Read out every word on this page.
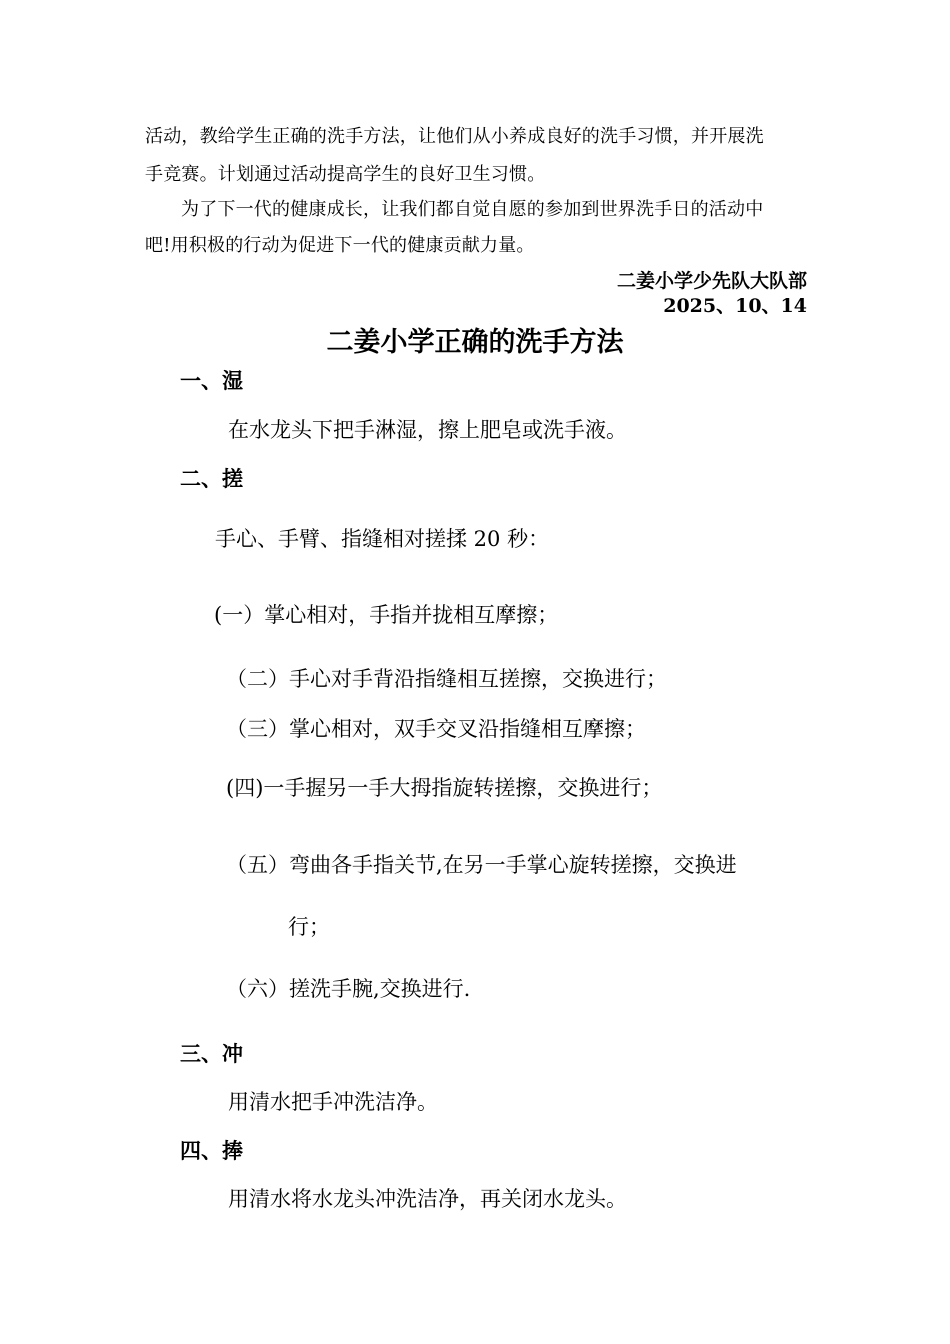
活动，教给学生正确的洗手方法，让他们从小养成良好的洗手习惯，并开展洗
手竞赛。计划通过活动提高学生的良好卫生习惯。
为了下一代的健康成长，让我们都自觉自愿的参加到世界洗手日的活动中
吧!用积极的行动为促进下一代的健康贡献力量。
二姜小学少先队大队部
2025、10、14
二姜小学正确的洗手方法
一、湿
在水龙头下把手淋湿，擦上肥皂或洗手液。
二、搓
手心、手臂、指缝相对搓揉 20 秒：
(一）掌心相对，手指并拢相互摩擦；
（二）手心对手背沿指缝相互搓擦，交换进行；
（三）掌心相对，双手交叉沿指缝相互摩擦；
(四)一手握另一手大拇指旋转搓擦，交换进行；
（五）弯曲各手指关节,在另一手掌心旋转搓擦，交换进
行；
（六）搓洗手腕,交换进行.
三、冲
用清水把手冲洗洁净。
四、捧
用清水将水龙头冲洗洁净，再关闭水龙头。
